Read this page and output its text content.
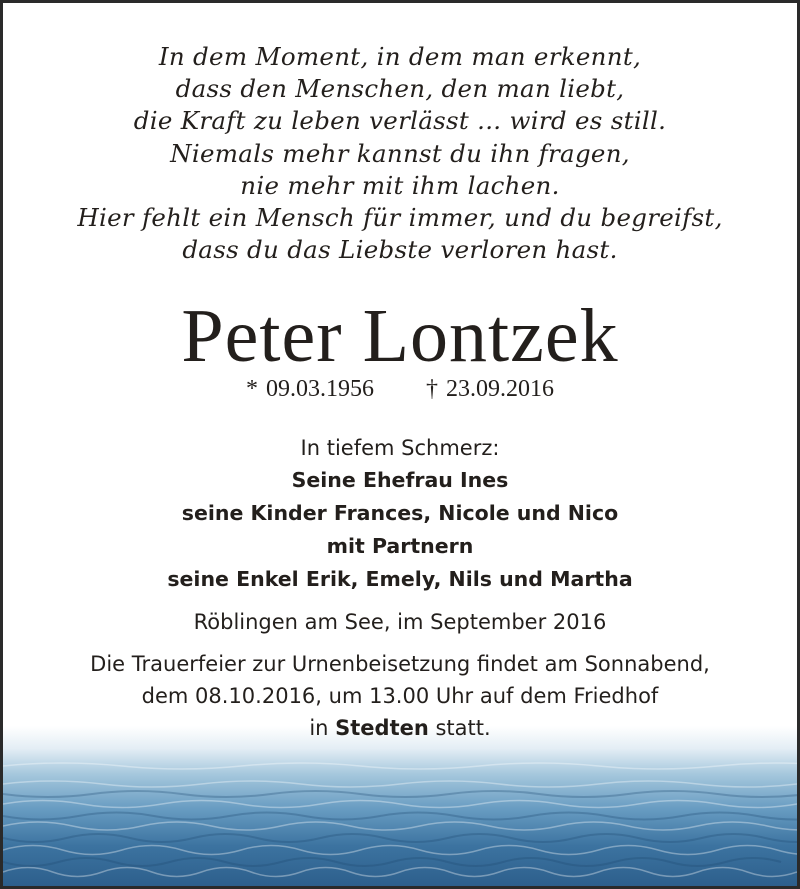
In dem Moment, in dem man erkennt,
dass den Menschen, den man liebt,
die Kraft zu leben verlässt ... wird es still.
Niemals mehr kannst du ihn fragen,
nie mehr mit ihm lachen.
Hier fehlt ein Mensch für immer, und du begreifst,
dass du das Liebste verloren hast.
Peter Lontzek
* 09.03.1956 † 23.09.2016
In tiefem Schmerz:
Seine Ehefrau Ines
seine Kinder Frances, Nicole und Nico
mit Partnern
seine Enkel Erik, Emely, Nils und Martha
Röblingen am See, im September 2016
Die Trauerfeier zur Urnenbeisetzung findet am Sonnabend,
dem 08.10.2016, um 13.00 Uhr auf dem Friedhof
in Stedten statt.
